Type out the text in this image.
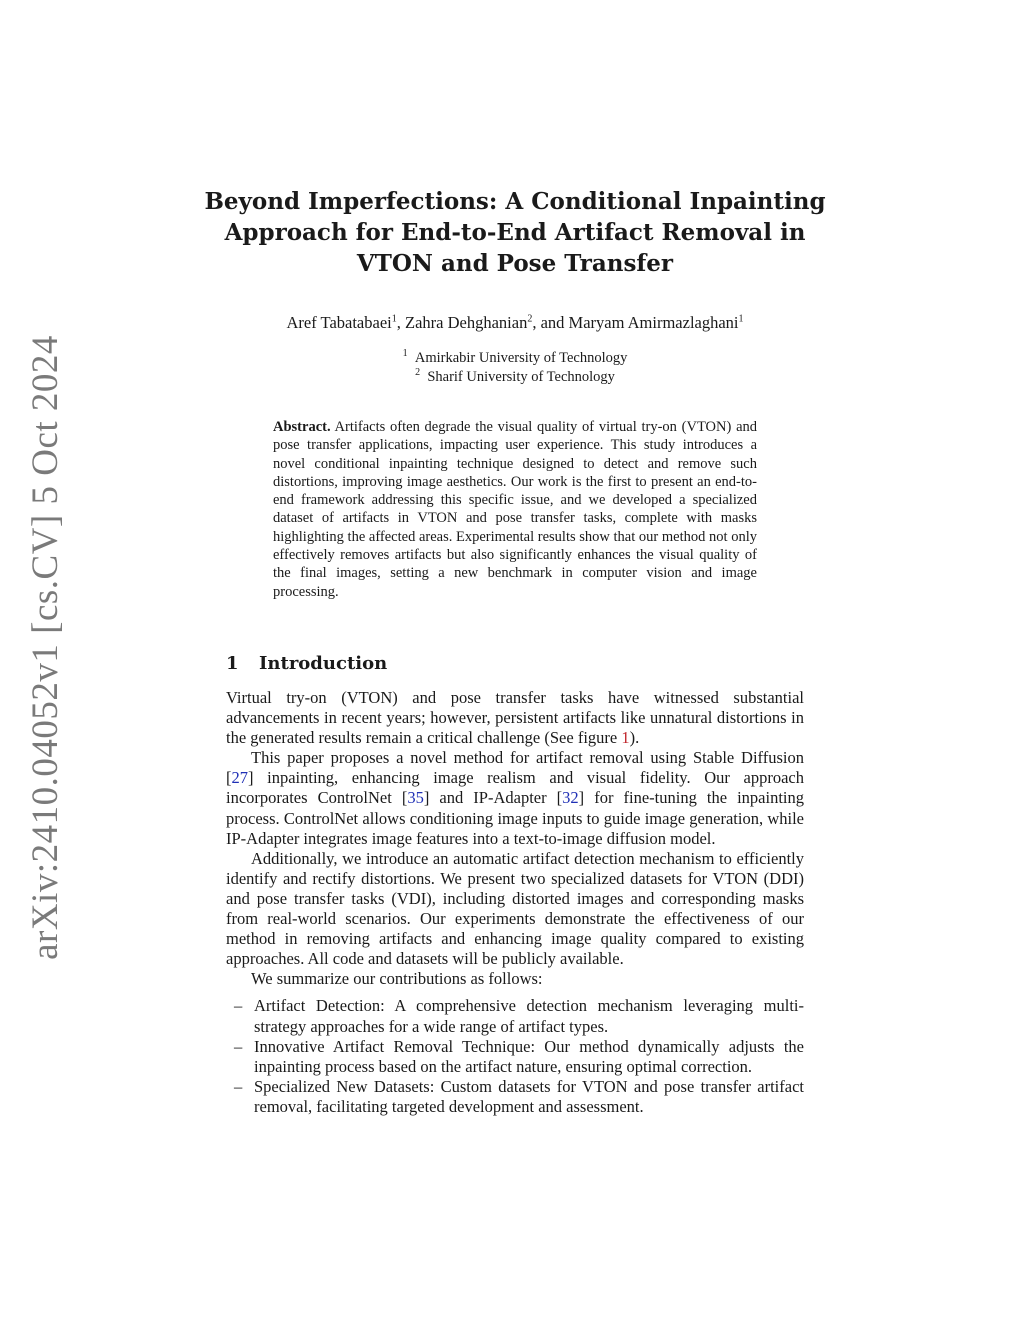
arXiv:2410.04052v1 [cs.CV] 5 Oct 2024
Beyond Imperfections: A Conditional Inpainting
Approach for End-to-End Artifact Removal in
VTON and Pose Transfer
Aref Tabatabaei$^1$, Zahra Dehghanian$^2$, and Maryam Amirmazlaghani$^1$
$^1$ Amirkabir University of Technology
$^2$ Sharif University of Technology

Abstract. Artifacts often degrade the visual quality of virtual try-on (VTON) and pose transfer applications, impacting user experience. This study introduces a novel conditional inpainting technique designed to detect and remove such distortions, improving image aesthetics. Our work is the first to present an end-to-end framework addressing this specific issue, and we developed a specialized dataset of artifacts in VTON and pose transfer tasks, complete with masks highlighting the affected areas. Experimental results show that our method not only effectively removes artifacts but also significantly enhances the visual quality of the final images, setting a new benchmark in computer vision and image processing.

1 Introduction

Virtual try-on (VTON) and pose transfer tasks have witnessed substantial advancements in recent years; however, persistent artifacts like unnatural distortions in the generated results remain a critical challenge (See figure 1).

This paper proposes a novel method for artifact removal using Stable Diffusion [27] inpainting, enhancing image realism and visual fidelity. Our approach incorporates ControlNet [35] and IP-Adapter [32] for fine-tuning the inpainting process. ControlNet allows conditioning image inputs to guide image generation, while IP-Adapter integrates image features into a text-to-image diffusion model.

Additionally, we introduce an automatic artifact detection mechanism to efficiently identify and rectify distortions. We present two specialized datasets for VTON (DDI) and pose transfer tasks (VDI), including distorted images and corresponding masks from real-world scenarios. Our experiments demonstrate the effectiveness of our method in removing artifacts and enhancing image quality compared to existing approaches. All code and datasets will be publicly available.

We summarize our contributions as follows:

– Artifact Detection: A comprehensive detection mechanism leveraging multi-strategy approaches for a wide range of artifact types.
– Innovative Artifact Removal Technique: Our method dynamically adjusts the inpainting process based on the artifact nature, ensuring optimal correction.
– Specialized New Datasets: Custom datasets for VTON and pose transfer artifact removal, facilitating targeted development and assessment.
